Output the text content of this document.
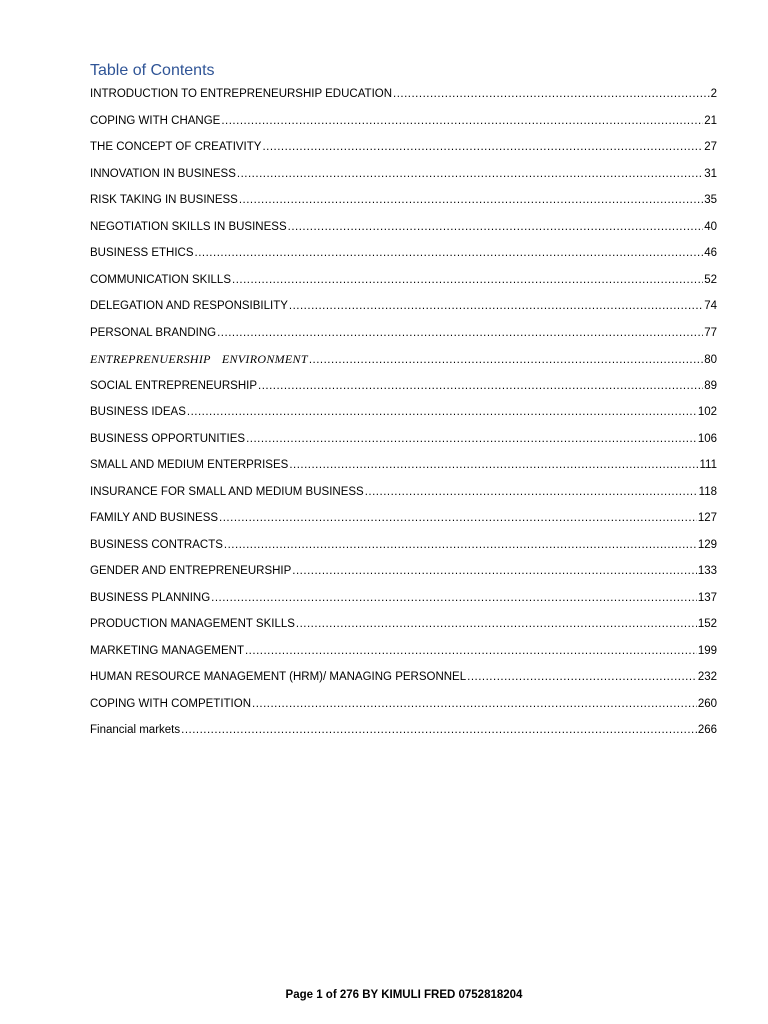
Table of Contents
INTRODUCTION TO ENTREPRENEURSHIP EDUCATION .....	2
COPING WITH CHANGE .....	21
THE CONCEPT OF CREATIVITY .....	27
INNOVATION IN BUSINESS .....	31
RISK TAKING IN BUSINESS .....	35
NEGOTIATION SKILLS IN BUSINESS .....	40
BUSINESS ETHICS .....	46
COMMUNICATION SKILLS .....	52
DELEGATION AND RESPONSIBILITY .....	74
PERSONAL BRANDING .....	77
ENTREPRENUERSHIP ENVIRONMENT .....	80
SOCIAL ENTREPRENEURSHIP .....	89
BUSINESS IDEAS .....	102
BUSINESS OPPORTUNITIES .....	106
SMALL AND MEDIUM ENTERPRISES .....	111
INSURANCE FOR SMALL AND MEDIUM BUSINESS .....	118
FAMILY AND BUSINESS .....	127
BUSINESS CONTRACTS .....	129
GENDER AND ENTREPRENEURSHIP .....	133
BUSINESS PLANNING .....	137
PRODUCTION MANAGEMENT SKILLS .....	152
MARKETING MANAGEMENT .....	199
HUMAN RESOURCE MANAGEMENT (HRM)/ MANAGING PERSONNEL .....	232
COPING WITH COMPETITION .....	260
Financial markets .....	266
Page 1 of 276 BY KIMULI FRED 0752818204
